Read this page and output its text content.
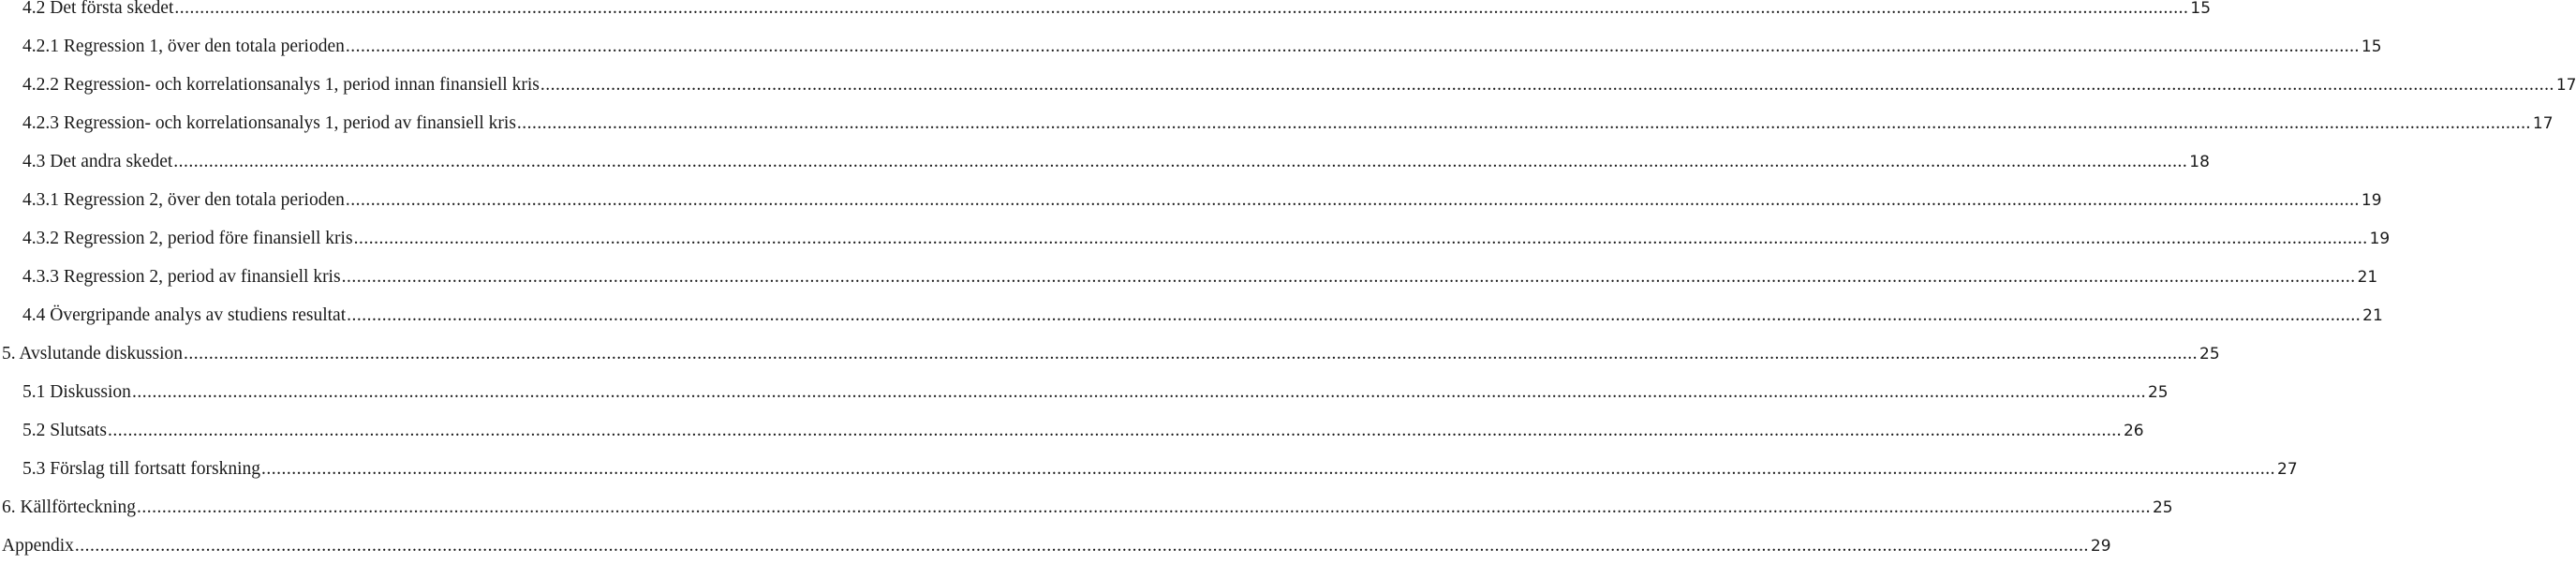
4.2 Det första skedet ................................................................................................................................................................................................................................................................................................................................................................................................................ 15
4.2.1 Regression 1, över den totala perioden ................................................................................................................................................................................................................................................................................................................................................................................................................ 15
4.2.2 Regression- och korrelationsanalys 1, period innan finansiell kris ................................................................................................................................................................................................................................................................................................................................................................................................................ 17
4.2.3 Regression- och korrelationsanalys 1, period av finansiell kris ................................................................................................................................................................................................................................................................................................................................................................................................................ 17
4.3 Det andra skedet ................................................................................................................................................................................................................................................................................................................................................................................................................ 18
4.3.1 Regression 2, över den totala perioden ................................................................................................................................................................................................................................................................................................................................................................................................................ 19
4.3.2 Regression 2, period före finansiell kris ................................................................................................................................................................................................................................................................................................................................................................................................................ 19
4.3.3 Regression 2, period av finansiell kris ................................................................................................................................................................................................................................................................................................................................................................................................................ 21
4.4 Övergripande analys av studiens resultat ................................................................................................................................................................................................................................................................................................................................................................................................................ 21
5. Avslutande diskussion ................................................................................................................................................................................................................................................................................................................................................................................................................ 25
5.1 Diskussion ................................................................................................................................................................................................................................................................................................................................................................................................................ 25
5.2 Slutsats ................................................................................................................................................................................................................................................................................................................................................................................................................ 26
5.3 Förslag till fortsatt forskning ................................................................................................................................................................................................................................................................................................................................................................................................................ 27
6. Källförteckning ................................................................................................................................................................................................................................................................................................................................................................................................................ 25
Appendix ................................................................................................................................................................................................................................................................................................................................................................................................................ 29
